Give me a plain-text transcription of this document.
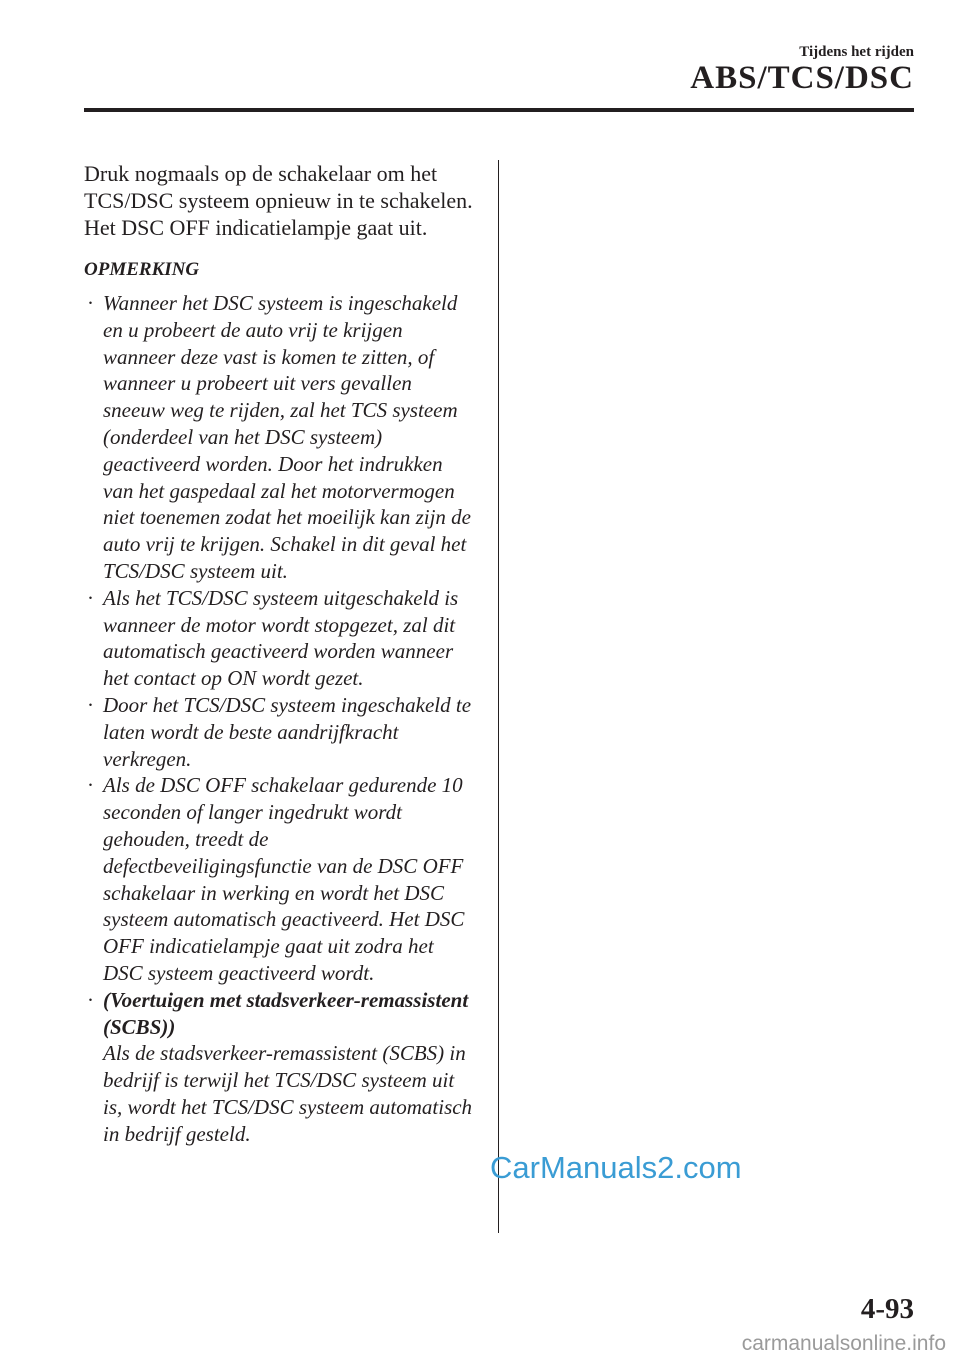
Tijdens het rijden
ABS/TCS/DSC

Druk nogmaals op de schakelaar om het TCS/DSC systeem opnieuw in te schakelen. Het DSC OFF indicatielampje gaat uit.

OPMERKING
· Wanneer het DSC systeem is ingeschakeld en u probeert de auto vrij te krijgen wanneer deze vast is komen te zitten, of wanneer u probeert uit vers gevallen sneeuw weg te rijden, zal het TCS systeem (onderdeel van het DSC systeem) geactiveerd worden. Door het indrukken van het gaspedaal zal het motorvermogen niet toenemen zodat het moeilijk kan zijn de auto vrij te krijgen. Schakel in dit geval het TCS/DSC systeem uit.
· Als het TCS/DSC systeem uitgeschakeld is wanneer de motor wordt stopgezet, zal dit automatisch geactiveerd worden wanneer het contact op ON wordt gezet.
· Door het TCS/DSC systeem ingeschakeld te laten wordt de beste aandrijfkracht verkregen.
· Als de DSC OFF schakelaar gedurende 10 seconden of langer ingedrukt wordt gehouden, treedt de defectbeveiligingsfunctie van de DSC OFF schakelaar in werking en wordt het DSC systeem automatisch geactiveerd. Het DSC OFF indicatielampje gaat uit zodra het DSC systeem geactiveerd wordt.
· (Voertuigen met stadsverkeer-remassistent (SCBS))
Als de stadsverkeer-remassistent (SCBS) in bedrijf is terwijl het TCS/DSC systeem uit is, wordt het TCS/DSC systeem automatisch in bedrijf gesteld.
CarManuals2.com
4-93
carmanualsonline.info
